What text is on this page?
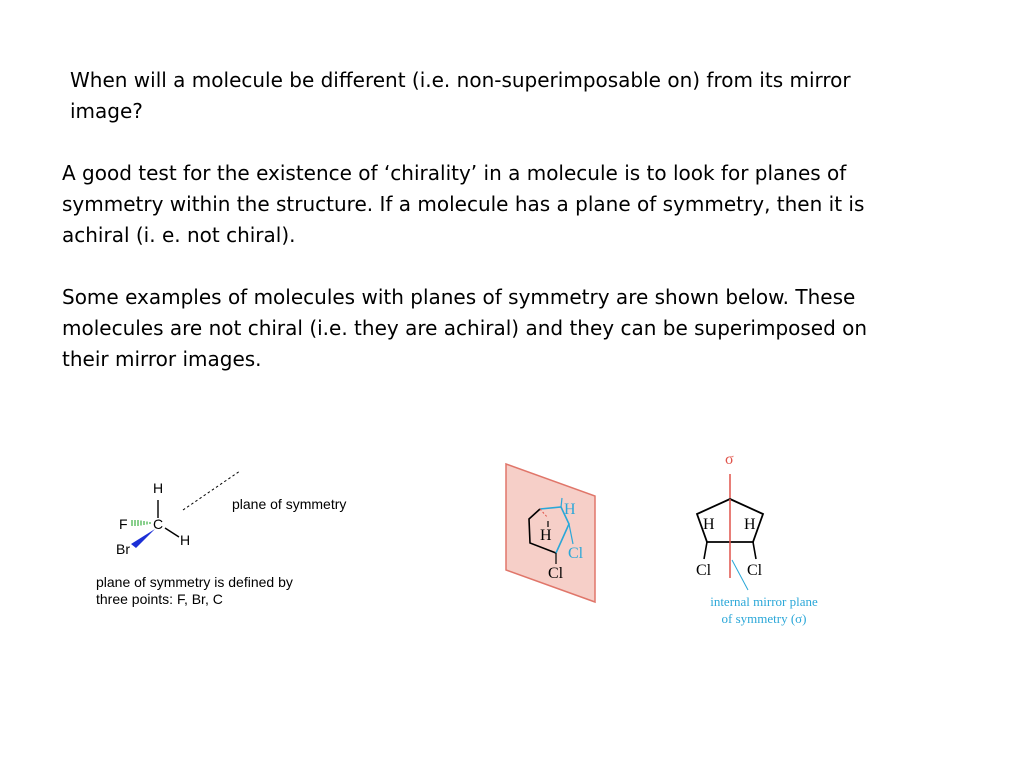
When will a molecule be different (i.e. non-superimposable on) from its mirror image?

A good test for the existence of ‘chirality’ in a molecule is to look for planes of symmetry within the structure. If a molecule has a plane of symmetry, then it is achiral (i. e. not chiral).

Some examples of molecules with planes of symmetry are shown below. These molecules are not chiral (i.e. they are achiral) and they can be superimposed on their mirror images.

H
F C
Br
H
plane of symmetry
plane of symmetry is defined by
three points: F, Br, C
H
H
Cl
Cl
σ
H H
Cl Cl
internal mirror plane
of symmetry (σ)
